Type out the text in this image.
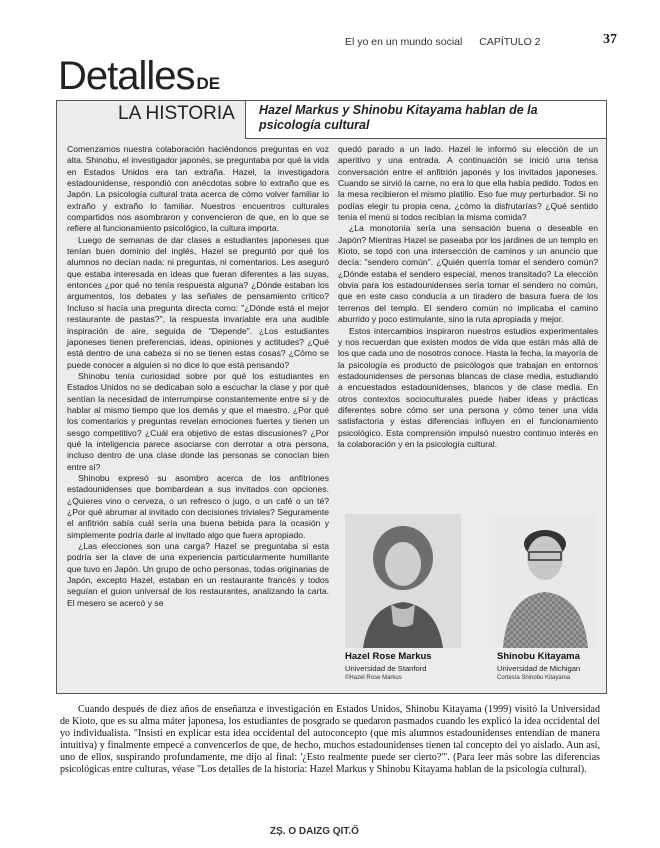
El yo en un mundo social CAPÍTULO 2	37
Hazel Markus y Shinobu Kitayama hablan de la psicología cultural

Comenzamos nuestra colaboración haciéndonos preguntas en voz alta. Shinobu, el investigador japonés, se preguntaba por qué la vida en Estados Unidos era tan extraña. Hazel, la investigadora estadounidense, respondió con anécdotas sobre lo extraño que es Japón. La psicología cultural trata acerca de cómo volver familiar lo extraño y extraño lo familiar. Nuestros encuentros culturales compartidos nos asombraron y convencieron de que, en lo que se refiere al funcionamiento psicológico, la cultura importa.

Luego de semanas de dar clases a estudiantes japoneses que tenían buen dominio del inglés, Hazel se preguntó por qué los alumnos no decían nada: ni preguntas, ni comentarios. Les aseguró que estaba interesada en ideas que fueran diferentes a las suyas, entonces ¿por qué no tenía respuesta alguna? ¿Dónde estaban los argumentos, los debates y las señales de pensamiento crítico? Incluso si hacía una pregunta directa como: "¿Dónde está el mejor restaurante de pastas?", la respuesta invariable era una audible inspiración de aire, seguida de "Depende". ¿Los estudiantes japoneses tienen preferencias, ideas, opiniones y actitudes? ¿Qué está dentro de una cabeza si no se tienen estas cosas? ¿Cómo se puede conocer a alguien si no dice lo que está pensando?

Shinobu tenía curiosidad sobre por qué los estudiantes en Estados Unidos no se dedicaban solo a escuchar la clase y por qué sentían la necesidad de interrumpirse constantemente entre sí y de hablar al mismo tiempo que los demás y que el maestro. ¿Por qué los comentarios y preguntas revelan emociones fuertes y tienen un sesgo competitivo? ¿Cuál era objetivo de estas discusiones? ¿Por qué la inteligencia parece asociarse con derrotar a otra persona, incluso dentro de una clase donde las personas se conocían bien entre sí?

Shinobu expresó su asombro acerca de los anfitriones estadounidenses que bombardean a sus invitados con opciones. ¿Quieres vino o cerveza, o un refresco o jugo, o un café o un té? ¿Por qué abrumar al invitado con decisiones triviales? Seguramente el anfitrión sabía cuál sería una buena bebida para la ocasión y simplemente podría darle al invitado algo que fuera apropiado.

¿Las elecciones son una carga? Hazel se preguntaba si esta podría ser la clave de una experiencia particularmente humillante que tuvo en Japón. Un grupo de ocho personas, todas originarias de Japón, excepto Hazel, estaban en un restaurante francés y todos seguían el guion universal de los restaurantes, analizando la carta. El mesero se acercó y se

quedó parado a un lado. Hazel le informó su elección de un aperitivo y una entrada. A continuación se inició una tensa conversación entre el anfitrión japonés y los invitados japoneses. Cuando se sirvió la carne, no era lo que ella había pedido. Todos en la mesa recibieron el mismo platillo. Eso fue muy perturbador. Si no podías elegir tu propia cena, ¿cómo la disfrutarías? ¿Qué sentido tenía el menú si todos recibían la misma comida?

¿La monotonía sería una sensación buena o deseable en Japón? Mientras Hazel se paseaba por los jardines de un templo en Kioto, se topó con una intersección de caminos y un anuncio que decía: "sendero común". ¿Quién querría tomar el sendero común? ¿Dónde estaba el sendero especial, menos transitado? La elección obvia para los estadounidenses sería tomar el sendero no común, que en este caso conducía a un tiradero de basura fuera de los terrenos del templo. El sendero común no implicaba el camino aburrido y poco estimulante, sino la ruta apropiada y mejor.

Estos intercambios inspiraron nuestros estudios experimentales y nos recuerdan que existen modos de vida que están más allá de los que cada uno de nosotros conoce. Hasta la fecha, la mayoría de la psicología es producto de psicólogos que trabajan en entornos estadounidenses de personas blancas de clase media, estudiando a encuestados estadounidenses, blancos y de clase media. En otros contextos socioculturales puede haber ideas y prácticas diferentes sobre cómo ser una persona y cómo tener una vida satisfactoria y estas diferencias influyen en el funcionamiento psicológico. Esta comprensión impulsó nuestro continuo interés en la colaboración y en la psicología cultural.

Hazel Rose Markus
Universidad de Stanford
©Hazel Rose Markus
Shinobu Kitayama
Universidad de Michigan
Cortesía Shinobu Kitayama
Detalles DE
LA HISTORIA

Cuando después de diez años de enseñanza e investigación en Estados Unidos, Shinobu Kitayama (1999) visitó la Universidad de Kioto, que es su alma máter japonesa, los estudiantes de posgrado se quedaron pasmados cuando les explicó la idea occidental del yo individualista. "Insistí en explicar esta idea occidental del autoconcepto (que mis alumnos estadounidenses entendían de manera intuitiva) y finalmente empecé a convencerlos de que, de hecho, muchos estadounidenses tienen tal concepto del yo aislado. Aun así, uno de ellos, suspirando profundamente, me dijo al final: '¿Esto realmente puede ser cierto?'". (Para leer más sobre las diferencias psicológicas entre culturas, véase "Los detalles de la historia: Hazel Markus y Shinobu Kitayama hablan de la psicología cultural).

ZȘ. O DAIZG QIT.Ő
